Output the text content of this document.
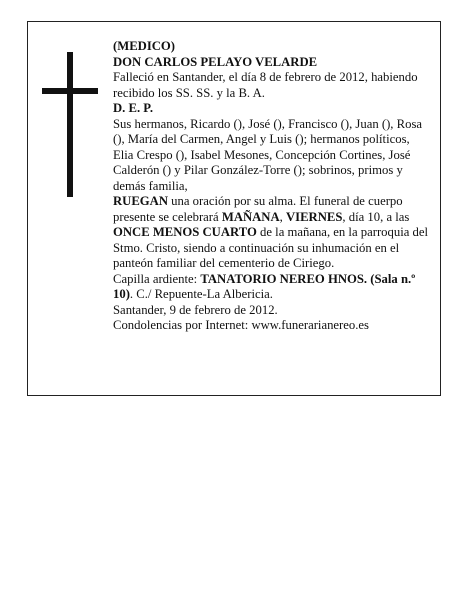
(MEDICO)

DON CARLOS PELAYO VELARDE

Falleció en Santander, el día 8 de febrero de 2012, habiendo recibido los SS. SS. y la B. A.

D. E. P.

Sus hermanos, Ricardo (), José (), Francisco (), Juan (), Rosa (), María del Carmen, Angel y Luis (); hermanos políticos, Elia Crespo (), Isabel Mesones, Concepción Cortines, José Calderón () y Pilar González-Torre (); sobrinos, primos y demás familia,

RUEGAN una oración por su alma. El funeral de cuerpo presente se celebrará MAÑANA, VIERNES, día 10, a las ONCE MENOS CUARTO de la mañana, en la parroquia del Stmo. Cristo, siendo a continuación su inhumación en el panteón familiar del cementerio de Ciriego.

Capilla ardiente: TANATORIO NEREO HNOS. (Sala n.º 10). C./ Repuente-La Albericia.

Santander, 9 de febrero de 2012.

Condolencias por Internet: www.funerarianereo.es
